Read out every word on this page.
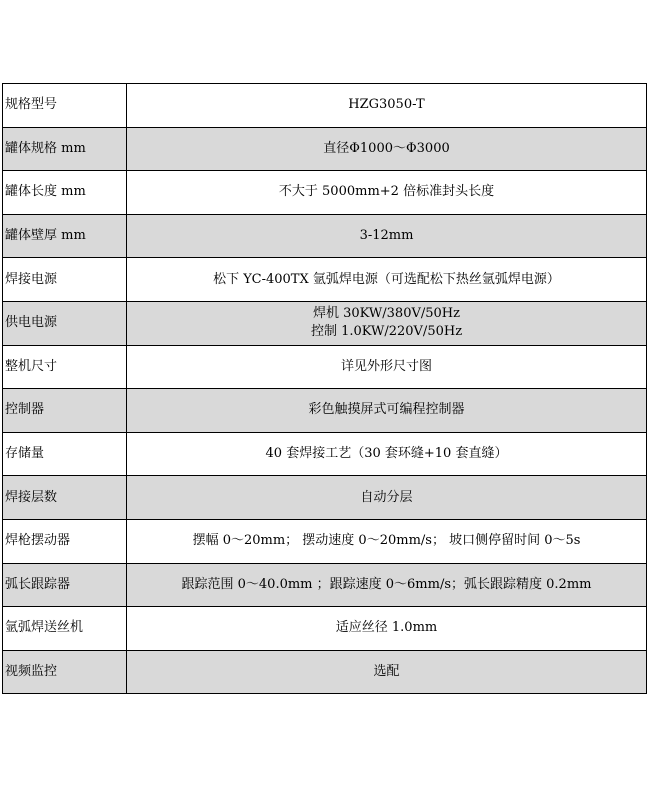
规格型号	HZG3050-T

罐体规格 mm	直径Φ1000～Φ3000

罐体长度 mm	不大于 5000mm+2 倍标准封头长度

罐体壁厚 mm	3-12mm

焊接电源	松下 YC-400TX 氩弧焊电源（可选配松下热丝氩弧焊电源）

供电电源	焊机 30KW/380V/50Hz
控制 1.0KW/220V/50Hz

整机尺寸	详见外形尺寸图

控制器	彩色触摸屏式可编程控制器

存储量	40 套焊接工艺（30 套环缝+10 套直缝）

焊接层数	自动分层

焊枪摆动器	摆幅 0～20mm； 摆动速度 0～20mm/s； 坡口侧停留时间 0～5s

弧长跟踪器	跟踪范围 0～40.0mm ；跟踪速度 0～6mm/s；弧长跟踪精度 0.2mm

氩弧焊送丝机	适应丝径 1.0mm

视频监控	选配
